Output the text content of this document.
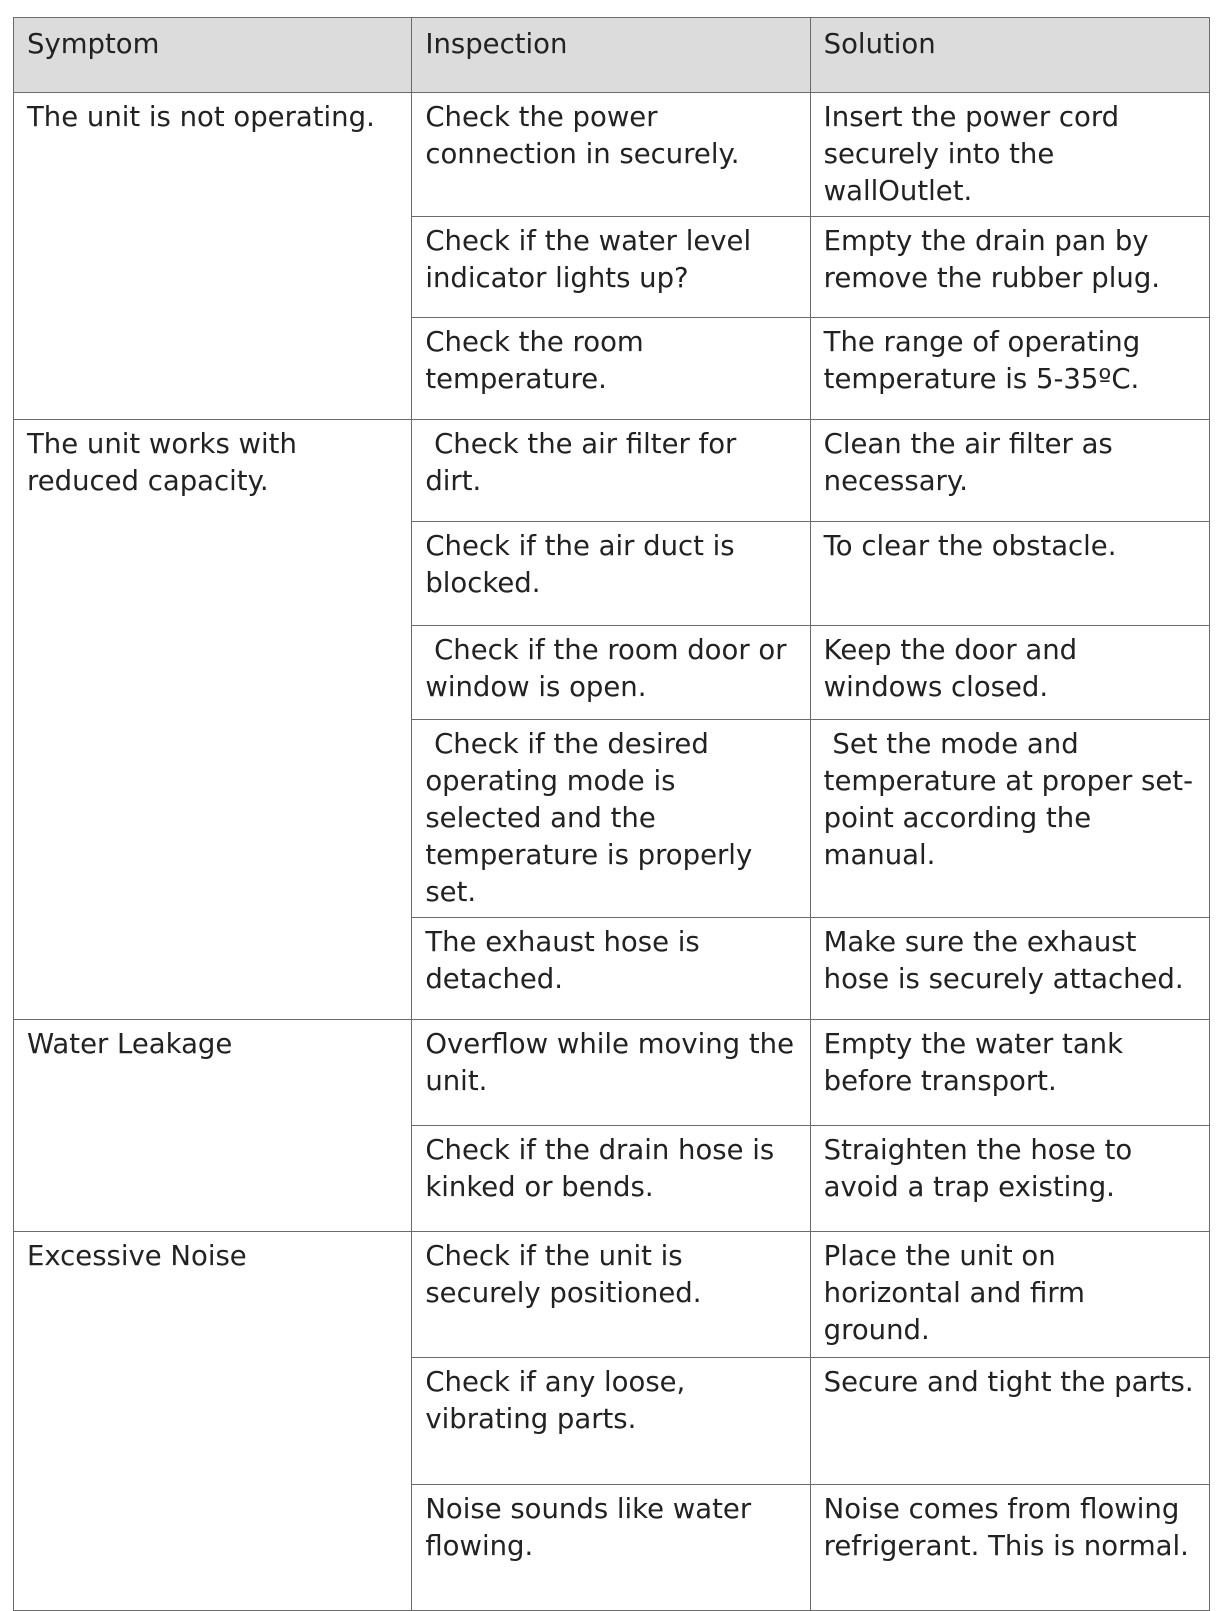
Symptom	Inspection	Solution
The unit is not operating.	Check the power connection in securely.	Insert the power cord securely into the wallOutlet.
	Check if the water level indicator lights up?	Empty the drain pan by remove the rubber plug.
	Check the room temperature.	The range of operating temperature is 5-35ºC.
The unit works with reduced capacity.	Check the air filter for dirt.	Clean the air filter as necessary.
	Check if the air duct is blocked.	To clear the obstacle.
	Check if the room door or window is open.	Keep the door and windows closed.
	Check if the desired operating mode is selected and the temperature is properly set.	Set the mode and temperature at proper set-point according the manual.
	The exhaust hose is detached.	Make sure the exhaust hose is securely attached.
Water Leakage	Overflow while moving the unit.	Empty the water tank before transport.
	Check if the drain hose is kinked or bends.	Straighten the hose to avoid a trap existing.
Excessive Noise	Check if the unit is securely positioned.	Place the unit on horizontal and firm ground.
	Check if any loose, vibrating parts.	Secure and tight the parts.
	Noise sounds like water flowing.	Noise comes from flowing refrigerant. This is normal.
